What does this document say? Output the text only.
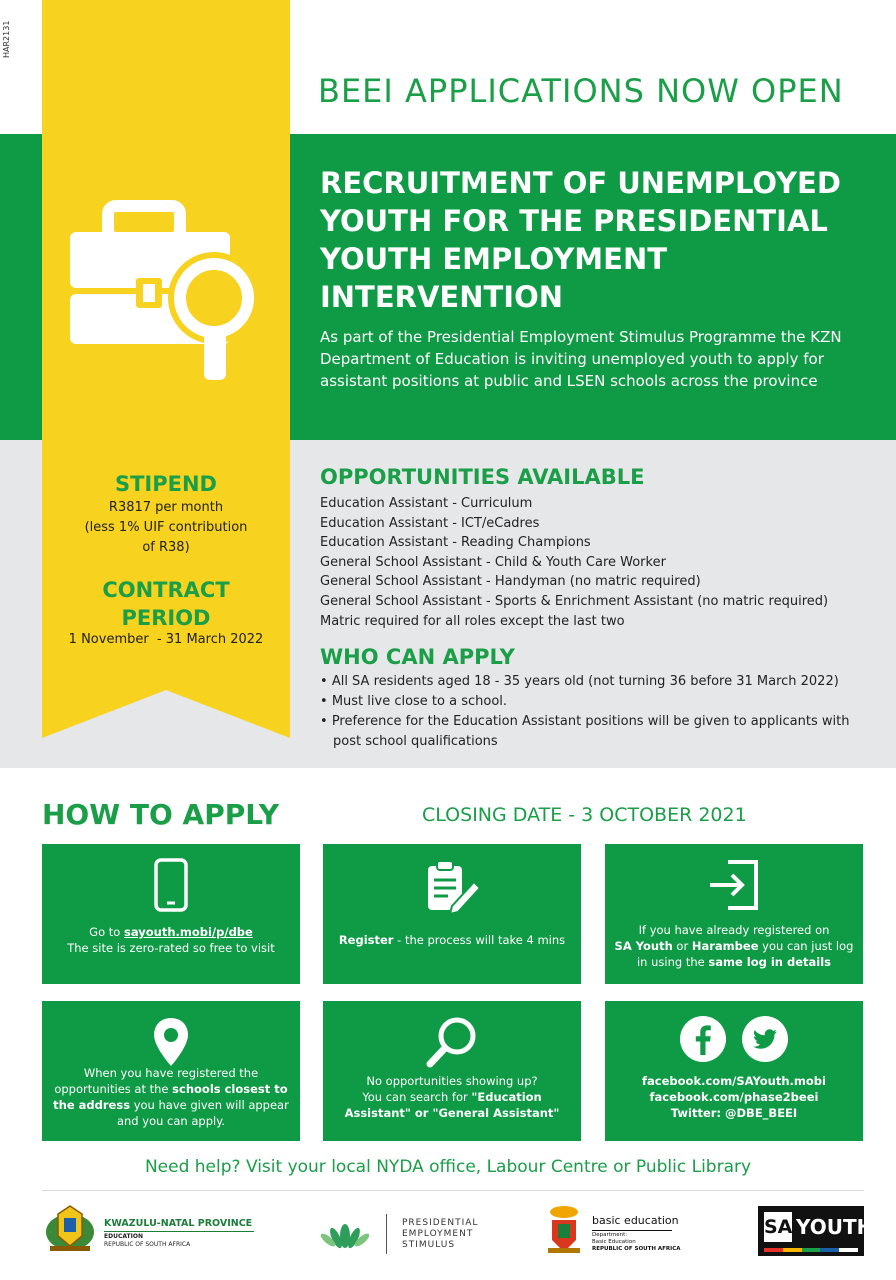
HAR2131
BEEI APPLICATIONS NOW OPEN
RECRUITMENT OF UNEMPLOYED YOUTH FOR THE PRESIDENTIAL YOUTH EMPLOYMENT INTERVENTION
As part of the Presidential Employment Stimulus Programme the KZN Department of Education is inviting unemployed youth to apply for assistant positions at public and LSEN schools across the province
STIPEND
R3817 per month
(less 1% UIF contribution
of R38)
CONTRACT
PERIOD
1 November  - 31 March 2022
OPPORTUNITIES AVAILABLE
Education Assistant - Curriculum
Education Assistant - ICT/eCadres
Education Assistant - Reading Champions
General School Assistant - Child & Youth Care Worker
General School Assistant - Handyman (no matric required)
General School Assistant - Sports & Enrichment Assistant (no matric required)
Matric required for all roles except the last two
WHO CAN APPLY
• All SA residents aged 18 - 35 years old (not turning 36 before 31 March 2022)
• Must live close to a school.
• Preference for the Education Assistant positions will be given to applicants with post school qualifications
HOW TO APPLY	CLOSING DATE - 3 OCTOBER 2021
Go to sayouth.mobi/p/dbe
The site is zero-rated so free to visit
Register - the process will take 4 mins
If you have already registered on
SA Youth or Harambee you can just log
in using the same log in details
When you have registered the
opportunities at the schools closest to
the address you have given will appear
and you can apply.
No opportunities showing up?
You can search for "Education
Assistant" or "General Assistant"
facebook.com/SAYouth.mobi
facebook.com/phase2beei
Twitter: @DBE_BEEI
Need help? Visit your local NYDA office, Labour Centre or Public Library
KWAZULU-NATAL PROVINCE
EDUCATION
REPUBLIC OF SOUTH AFRICA
PRESIDENTIAL
EMPLOYMENT
STIMULUS
basic education
Department:
Basic Education
REPUBLIC OF SOUTH AFRICA
SA YOUTH
